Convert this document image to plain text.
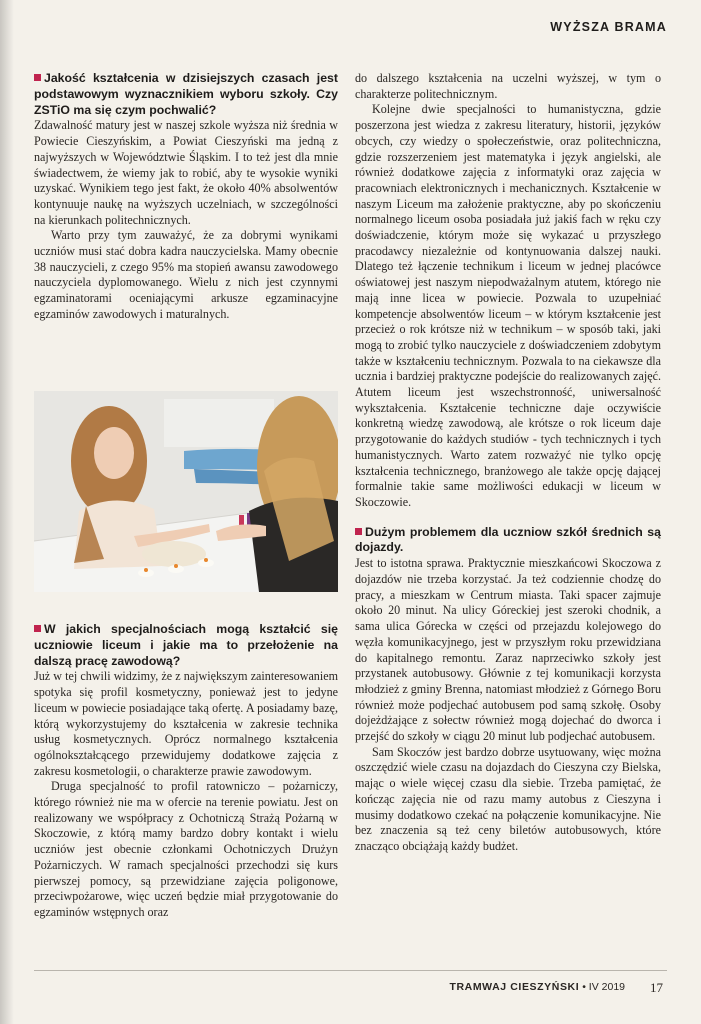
WYŻSZA BRAMA
Jakość kształcenia w dzisiejszych czasach jest podstawowym wyznacznikiem wyboru szkoły. Czy ZSTiO ma się czym pochwalić?

Zdawalność matury jest w naszej szkole wyższa niż średnia w Powiecie Cieszyńskim, a Powiat Cieszyński ma jedną z najwyższych w Województwie Śląskim. I to też jest dla mnie świadectwem, że wiemy jak to robić, aby te wysokie wyniki uzyskać. Wynikiem tego jest fakt, że około 40% absolwentów kontynuuje naukę na wyższych uczelniach, w szczególności na kierunkach politechnicznych.

Warto przy tym zauważyć, że za dobrymi wynikami uczniów musi stać dobra kadra nauczycielska. Mamy obecnie 38 nauczycieli, z czego 95% ma stopień awansu zawodowego nauczyciela dyplomowanego. Wielu z nich jest czynnymi egzaminatorami oceniającymi arkusze egzaminacyjne egzaminów zawodowych i maturalnych.

W jakich specjalnościach mogą kształcić się uczniowie liceum i jakie ma to przełożenie na dalszą pracę zawodową?

Już w tej chwili widzimy, że z największym zainteresowaniem spotyka się profil kosmetyczny, ponieważ jest to jedyne liceum w powiecie posiadające taką ofertę. A posiadamy bazę, którą wykorzystujemy do kształcenia w zakresie technika usług kosmetycznych. Oprócz normalnego kształcenia ogólnokształcącego przewidujemy dodatkowe zajęcia z zakresu kosmetologii, o charakterze prawie zawodowym.

Druga specjalność to profil ratowniczo – pożarniczy, którego również nie ma w ofercie na terenie powiatu. Jest on realizowany we współpracy z Ochotniczą Strażą Pożarną w Skoczowie, z którą mamy bardzo dobry kontakt i wielu uczniów jest obecnie członkami Ochotniczych Drużyn Pożarniczych. W ramach specjalności przechodzi się kurs pierwszej pomocy, są przewidziane zajęcia poligonowe, przeciwpożarowe, więc uczeń będzie miał przygotowanie do egzaminów wstępnych oraz

do dalszego kształcenia na uczelni wyższej, w tym o charakterze politechnicznym.

Kolejne dwie specjalności to humanistyczna, gdzie poszerzona jest wiedza z zakresu literatury, historii, języków obcych, czy wiedzy o społeczeństwie, oraz politechniczna, gdzie rozszerzeniem jest matematyka i język angielski, ale również dodatkowe zajęcia z informatyki oraz zajęcia w pracowniach elektronicznych i mechanicznych. Kształcenie w naszym Liceum ma założenie praktyczne, aby po skończeniu normalnego liceum osoba posiadała już jakiś fach w ręku czy doświadczenie, którym może się wykazać u przyszłego pracodawcy niezależnie od kontynuowania dalszej nauki. Dlatego też łączenie technikum i liceum w jednej placówce oświatowej jest naszym niepodważalnym atutem, którego nie mają inne licea w powiecie. Pozwala to uzupełniać kompetencje absolwentów liceum – w którym kształcenie jest przecież o rok krótsze niż w technikum – w sposób taki, jaki mogą to zrobić tylko nauczyciele z doświadczeniem zdobytym także w kształceniu technicznym. Pozwala to na ciekawsze dla ucznia i bardziej praktyczne podejście do realizowanych zajęć. Atutem liceum jest wszechstronność, uniwersalność wykształcenia. Kształcenie techniczne daje oczywiście konkretną wiedzę zawodową, ale krótsze o rok liceum daje przygotowanie do każdych studiów - tych technicznych i tych humanistycznych. Warto zatem rozważyć nie tylko opcję kształcenia technicznego, branżowego ale także opcję dającej formalnie takie same możliwości edukacji w liceum w Skoczowie.

Dużym problemem dla uczniow szkół średnich są dojazdy.

Jest to istotna sprawa. Praktycznie mieszkańcowi Skoczowa z dojazdów nie trzeba korzystać. Ja też codziennie chodzę do pracy, a mieszkam w Centrum miasta. Taki spacer zajmuje około 20 minut. Na ulicy Góreckiej jest szeroki chodnik, a sama ulica Górecka w części od przejazdu kolejowego do węzła komunikacyjnego, jest w przyszłym roku przewidziana do kapitalnego remontu. Zaraz naprzeciwko szkoły jest przystanek autobusowy. Głównie z tej komunikacji korzysta młodzież z gminy Brenna, natomiast młodzież z Górnego Boru również może podjechać autobusem pod samą szkołę. Osoby dojeżdżające z sołectw również mogą dojechać do dworca i przejść do szkoły w ciągu 20 minut lub podjechać autobusem.

Sam Skoczów jest bardzo dobrze usytuowany, więc można oszczędzić wiele czasu na dojazdach do Cieszyna czy Bielska, mając o wiele więcej czasu dla siebie. Trzeba pamiętać, że kończąc zajęcia nie od razu mamy autobus z Cieszyna i musimy dodatkowo czekać na połączenie komunikacyjne. Nie bez znaczenia są też ceny biletów autobusowych, które znacząco obciążają każdy budżet.

TRAMWAJ CIESZYŃSKI • IV 2019 17
